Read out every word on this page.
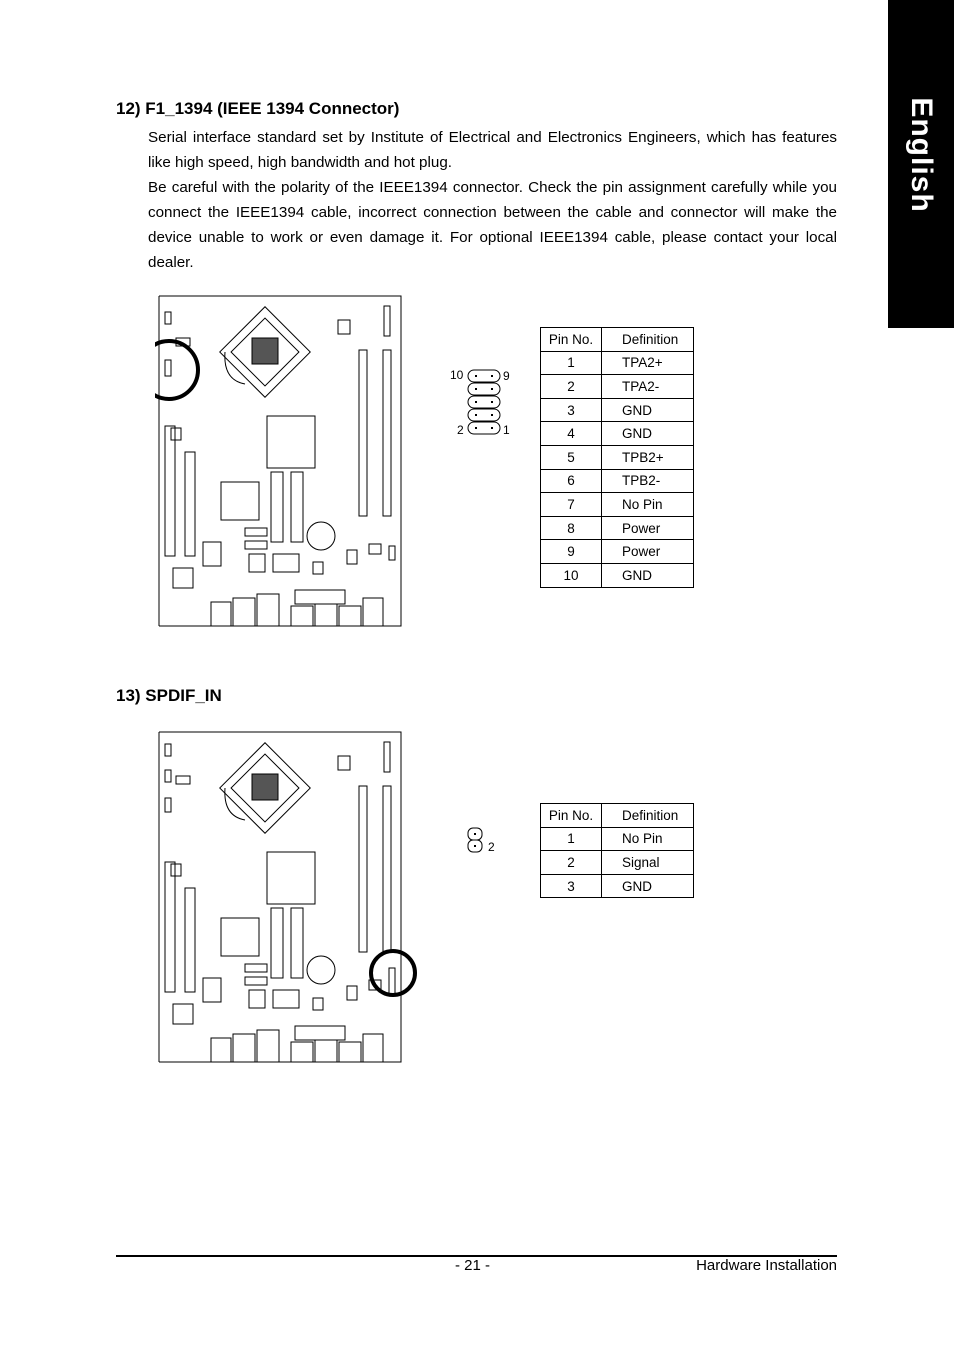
English
12) F1_1394 (IEEE 1394 Connector)

Serial interface standard set by Institute of Electrical and Electronics Engineers, which has features like high speed, high bandwidth and hot plug.

Be careful with the polarity of the IEEE1394 connector. Check the pin assignment carefully while you connect the IEEE1394 cable, incorrect connection between the cable and connector will make the device unable to work or even damage it. For optional IEEE1394 cable, please contact your local dealer.

10	9
2	1
Pin No.	Definition
1	TPA2+
2	TPA2-
3	GND
4	GND
5	TPB2+
6	TPB2-
7	No Pin
8	Power
9	Power
10	GND
13) SPDIF_IN
2
Pin No.	Definition
1	No Pin
2	Signal
3	GND
- 21 -	Hardware Installation
